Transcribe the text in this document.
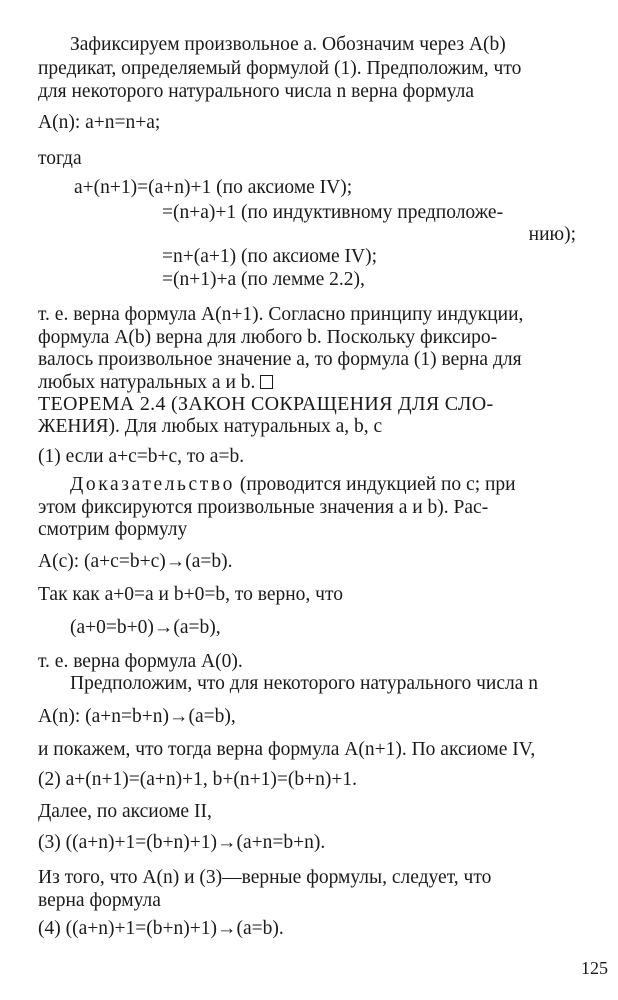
Зафиксируем произвольное a. Обозначим через A(b)
предикат, определяемый формулой (1). Предположим, что
для некоторого натурального числа n верна формула
A(n): a+n=n+a;
тогда
a+(n+1)=(a+n)+1 (по аксиоме IV);
=(n+a)+1 (по индуктивному предположе-
нию);
=n+(a+1) (по аксиоме IV);
=(n+1)+a (по лемме 2.2),
т. е. верна формула A(n+1). Согласно принципу индукции,
формула A(b) верна для любого b. Поскольку фиксиро-
валось произвольное значение a, то формула (1) верна для
любых натуральных a и b.
ТЕОРЕМА 2.4 (ЗАКОН СОКРАЩЕНИЯ ДЛЯ СЛО-
ЖЕНИЯ). Для любых натуральных a, b, c
(1) если a+c=b+c, то a=b.
Доказательство (проводится индукцией по c; при
этом фиксируются произвольные значения a и b). Рас-
смотрим формулу
A(c): (a+c=b+c)→(a=b).
Так как a+0=a и b+0=b, то верно, что
(a+0=b+0)→(a=b),
т. е. верна формула A(0).
Предположим, что для некоторого натурального числа n
A(n): (a+n=b+n)→(a=b),
и покажем, что тогда верна формула A(n+1). По аксиоме IV,
(2) a+(n+1)=(a+n)+1, b+(n+1)=(b+n)+1.
Далее, по аксиоме II,
(3) ((a+n)+1=(b+n)+1)→(a+n=b+n).
Из того, что A(n) и (3)—верные формулы, следует, что
верна формула
(4) ((a+n)+1=(b+n)+1)→(a=b).
125
